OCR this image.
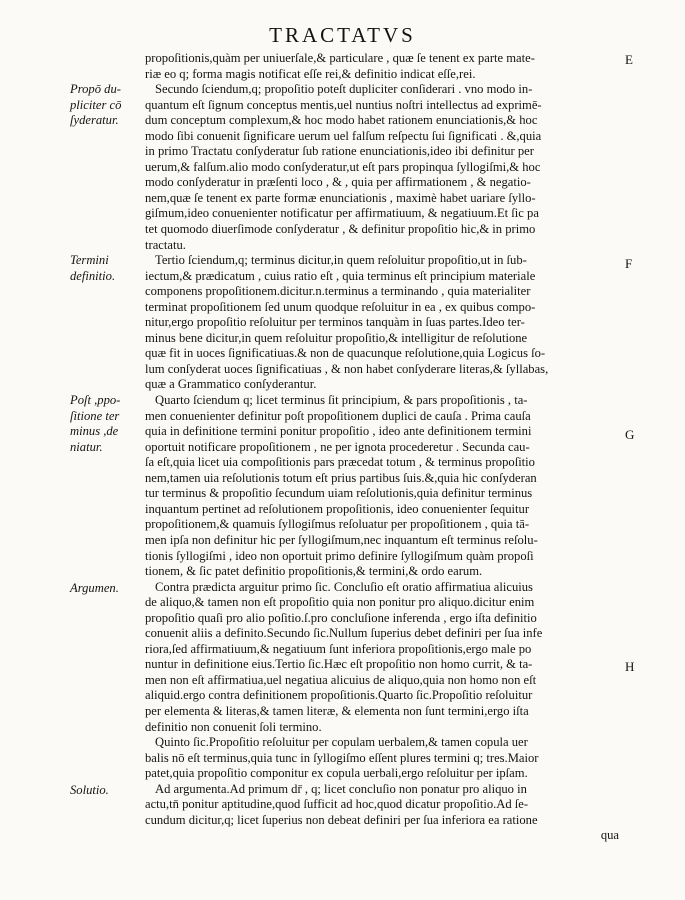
TRACTATVS
propoſitionis,quàm per uniuerſale,& particulare , quæ ſe tenent ex parte mate-
riæ eo q; forma magis notificat eſſe rei,& definitio indicat eſſe,rei.
Secundo ſciendum,q; propoſitio poteſt dupliciter conſiderari . vno modo in-
quantum eſt ſignum conceptus mentis,uel nuntius noſtri intellectus ad exprimē-
dum conceptum complexum,& hoc modo habet rationem enunciationis,& hoc
modo ſibi conuenit ſignificare uerum uel falſum reſpectu ſui ſignificati . &,quia
in primo Tractatu conſyderatur ſub ratione enunciationis,ideo ibi definitur per
uerum,& falſum.alio modo conſyderatur,ut eſt pars propinqua ſyllogiſmi,& hoc
modo conſyderatur in præſenti loco , & , quia per affirmationem , & negatio-
nem,quæ ſe tenent ex parte formæ enunciationis , maximè habet uariare ſyllo-
giſmum,ideo conuenienter notificatur per affirmatiuum, & negatiuum.Et ſic pa
tet quomodo diuerſimode conſyderatur , & definitur propoſitio hic,& in primo
tractatu.
Tertio ſciendum,q; terminus dicitur,in quem reſoluitur propoſitio,ut in ſub-
iectum,& prædicatum , cuius ratio eſt , quia terminus eſt principium materiale
componens propoſitionem.dicitur.n.terminus a terminando , quia materialiter
terminat propoſitionem ſed unum quodque reſoluitur in ea , ex quibus compo-
nitur,ergo propoſitio reſoluitur per terminos tanquàm in ſuas partes.Ideo ter-
minus bene dicitur,in quem reſoluitur propoſitio,& intelligitur de reſolutione
quæ fit in uoces ſignificatiuas.& non de quacunque reſolutione,quia Logicus ſo-
lum conſyderat uoces ſignificatiuas , & non habet conſyderare literas,& ſyllabas,
quæ a Grammatico conſyderantur.
Quarto ſciendum q; licet terminus ſit principium, & pars propoſitionis , ta-
men conuenienter definitur poſt propoſitionem duplici de cauſa . Prima cauſa
quia in definitione termini ponitur propoſitio , ideo ante definitionem termini
oportuit notificare propoſitionem , ne per ignota procederetur . Secunda cau-
ſa eſt,quia licet uia compoſitionis pars præcedat totum , & terminus propoſitio
nem,tamen uia reſolutionis totum eſt prius partibus ſuis.&,quia hic conſyderan
tur terminus & propoſitio ſecundum uiam reſolutionis,quia definitur terminus
inquantum pertinet ad reſolutionem propoſitionis, ideo conuenienter ſequitur
propoſitionem,& quamuis ſyllogiſmus reſoluatur per propoſitionem , quia tā-
men ipſa non definitur hic per ſyllogiſmum,nec inquantum eſt terminus reſolu-
tionis ſyllogiſmi , ideo non oportuit primo definire ſyllogiſmum quàm propoſi
tionem, & ſic patet definitio propoſitionis,& termini,& ordo earum.
Contra prædicta arguitur primo ſic. Concluſio eſt oratio affirmatiua alicuius
de aliquo,& tamen non eſt propoſitio quia non ponitur pro aliquo.dicitur enim
propoſitio quaſi pro alio poſitio.ſ.pro concluſione inferenda , ergo iſta definitio
conuenit aliis a definito.Secundo ſic.Nullum ſuperius debet definiri per ſua infe
riora,ſed affirmatiuum,& negatiuum ſunt inferiora propoſitionis,ergo male po
nuntur in definitione eius.Tertio ſic.Hæc eſt propoſitio non homo currit, & ta-
men non eſt affirmatiua,uel negatiua alicuius de aliquo,quia non homo non eſt
aliquid.ergo contra definitionem propoſitionis.Quarto ſic.Propoſitio reſoluitur
per elementa & literas,& tamen literæ, & elementa non ſunt termini,ergo iſta
definitio non conuenit ſoli termino.
Quinto ſic.Propoſitio reſoluitur per copulam uerbalem,& tamen copula uer
balis nō eſt terminus,quia tunc in ſyllogiſmo eſſent plures termini q; tres.Maior
patet,quia propoſitio componitur ex copula uerbali,ergo reſoluitur per ipſam.
Ad argumenta.Ad primum dr̄ , q; licet concluſio non ponatur pro aliquo in
actu,tn̄ ponitur aptitudine,quod ſufficit ad hoc,quod dicatur propoſitio.Ad ſe-
cundum dicitur,q; licet ſuperius non debeat definiri per ſua inferiora ea ratione
qua
Propō du-
pliciter cō
ſyderatur.
Termini
definitio.
Poſt ,ppo-
ſitione ter
minus ,de
niatur.
Argumen.
Solutio.
E
F
G
H
